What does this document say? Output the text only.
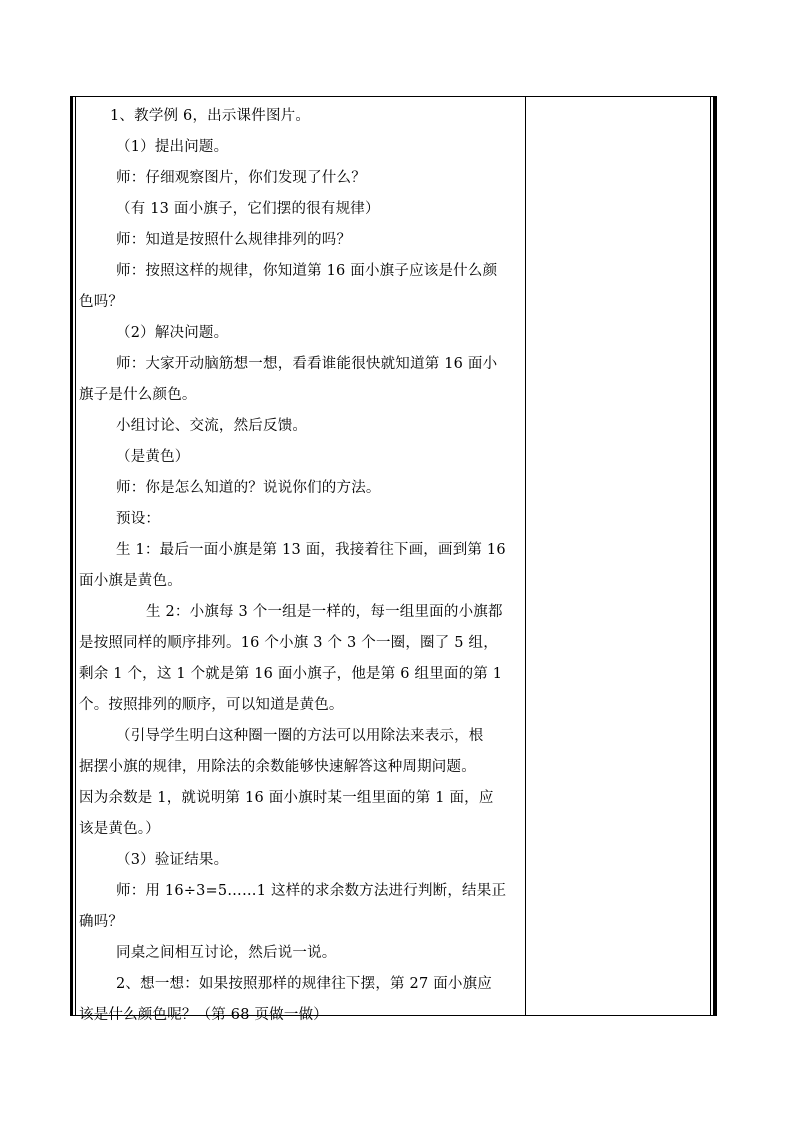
1、教学例 6，出示课件图片。
（1）提出问题。
师：仔细观察图片，你们发现了什么？
（有 13 面小旗子，它们摆的很有规律）
师：知道是按照什么规律排列的吗？
师：按照这样的规律，你知道第 16 面小旗子应该是什么颜
色吗？
（2）解决问题。
师：大家开动脑筋想一想，看看谁能很快就知道第 16 面小
旗子是什么颜色。
小组讨论、交流，然后反馈。
（是黄色）
师：你是怎么知道的？说说你们的方法。
预设：
生 1：最后一面小旗是第 13 面，我接着往下画，画到第 16
面小旗是黄色。
生 2：小旗每 3 个一组是一样的，每一组里面的小旗都
是按照同样的顺序排列。16 个小旗 3 个 3 个一圈，圈了 5 组，
剩余 1 个，这 1 个就是第 16 面小旗子，他是第 6 组里面的第 1
个。按照排列的顺序，可以知道是黄色。
（引导学生明白这种圈一圈的方法可以用除法来表示，根
据摆小旗的规律，用除法的余数能够快速解答这种周期问题。
因为余数是 1，就说明第 16 面小旗时某一组里面的第 1 面，应
该是黄色。）
（3）验证结果。
师：用 16÷3=5……1 这样的求余数方法进行判断，结果正
确吗？
同桌之间相互讨论，然后说一说。
2、想一想：如果按照那样的规律往下摆，第 27 面小旗应
该是什么颜色呢？（第 68 页做一做）
